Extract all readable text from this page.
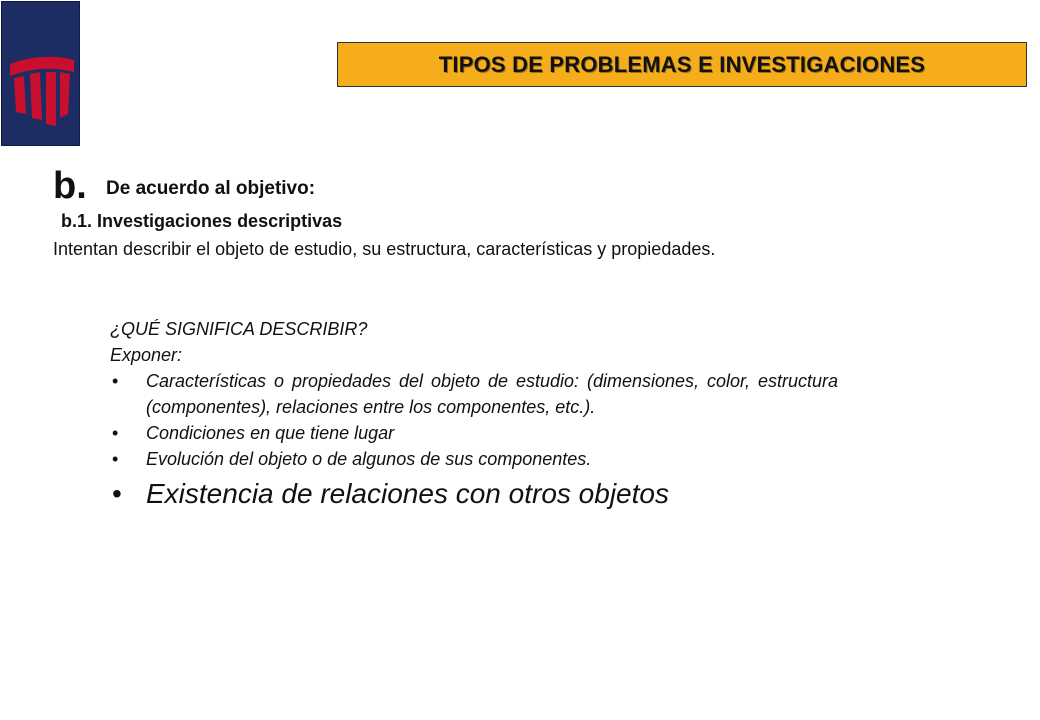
TIPOS DE PROBLEMAS E INVESTIGACIONES
b. De acuerdo al objetivo:
b.1. Investigaciones descriptivas
Intentan describir el objeto de estudio, su estructura, características y propiedades.
¿QUÉ SIGNIFICA DESCRIBIR?
Exponer:
• Características o propiedades del objeto de estudio: (dimensiones, color, estructura (componentes), relaciones entre los componentes, etc.).
• Condiciones en que tiene lugar
• Evolución del objeto o de algunos de sus componentes.
• Existencia de relaciones con otros objetos
